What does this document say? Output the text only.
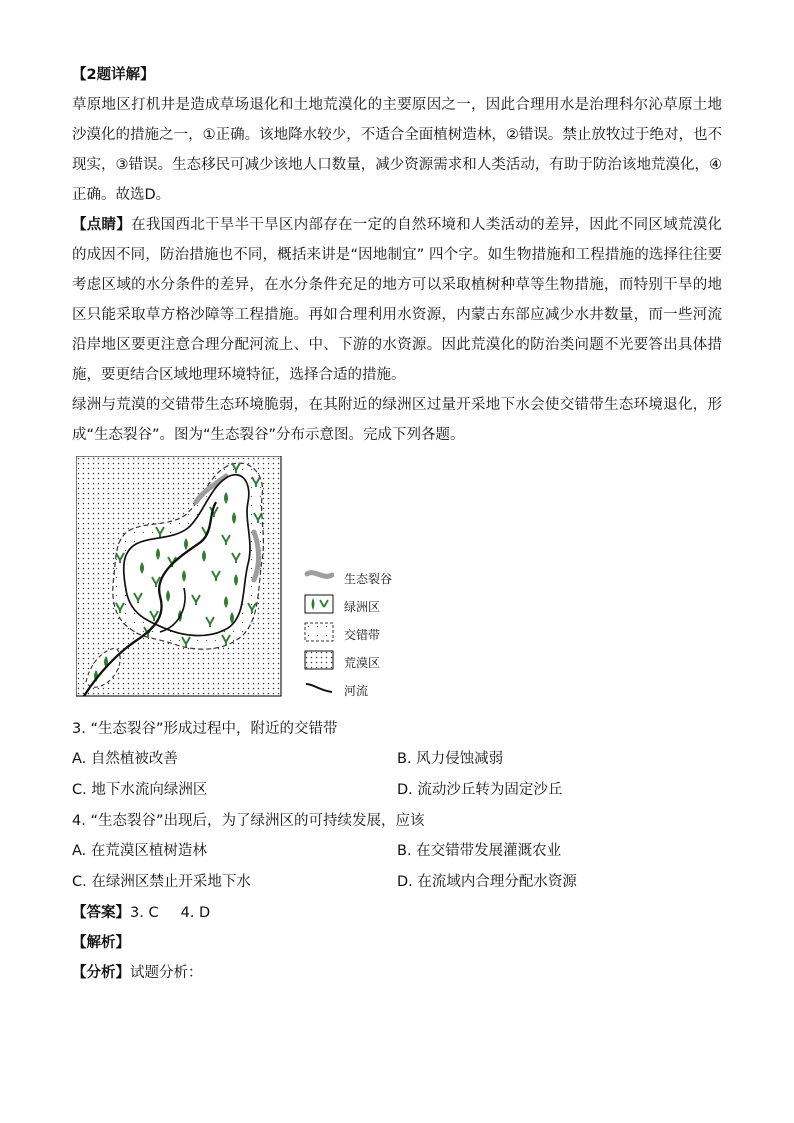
【2题详解】

草原地区打机井是造成草场退化和土地荒漠化的主要原因之一，因此合理用水是治理科尔沁草原土地沙漠化的措施之一，①正确。该地降水较少，不适合全面植树造林，②错误。禁止放牧过于绝对，也不现实，③错误。生态移民可减少该地人口数量，减少资源需求和人类活动，有助于防治该地荒漠化，④正确。故选D。

【点睛】在我国西北干旱半干旱区内部存在一定的自然环境和人类活动的差异，因此不同区域荒漠化的成因不同，防治措施也不同，概括来讲是“因地制宜” 四个字。如生物措施和工程措施的选择往往要考虑区域的水分条件的差异，在水分条件充足的地方可以采取植树种草等生物措施，而特别干旱的地区只能采取草方格沙障等工程措施。再如合理利用水资源，内蒙古东部应减少水井数量，而一些河流沿岸地区要更注意合理分配河流上、中、下游的水资源。因此荒漠化的防治类问题不光要答出具体措施，要更结合区域地理环境特征，选择合适的措施。

绿洲与荒漠的交错带生态环境脆弱，在其附近的绿洲区过量开采地下水会使交错带生态环境退化，形成“生态裂谷”。图为“生态裂谷”分布示意图。完成下列各题。

生态裂谷
绿洲区
交错带
荒漠区
河流

3. “生态裂谷”形成过程中，附近的交错带

A. 自然植被改善	B. 风力侵蚀减弱
C. 地下水流向绿洲区	D. 流动沙丘转为固定沙丘

4. “生态裂谷”出现后，为了绿洲区的可持续发展，应该

A. 在荒漠区植树造林	B. 在交错带发展灌溉农业
C. 在绿洲区禁止开采地下水	D. 在流域内合理分配水资源
【答案】3. C 4. D

【解析】

【分析】试题分析：
